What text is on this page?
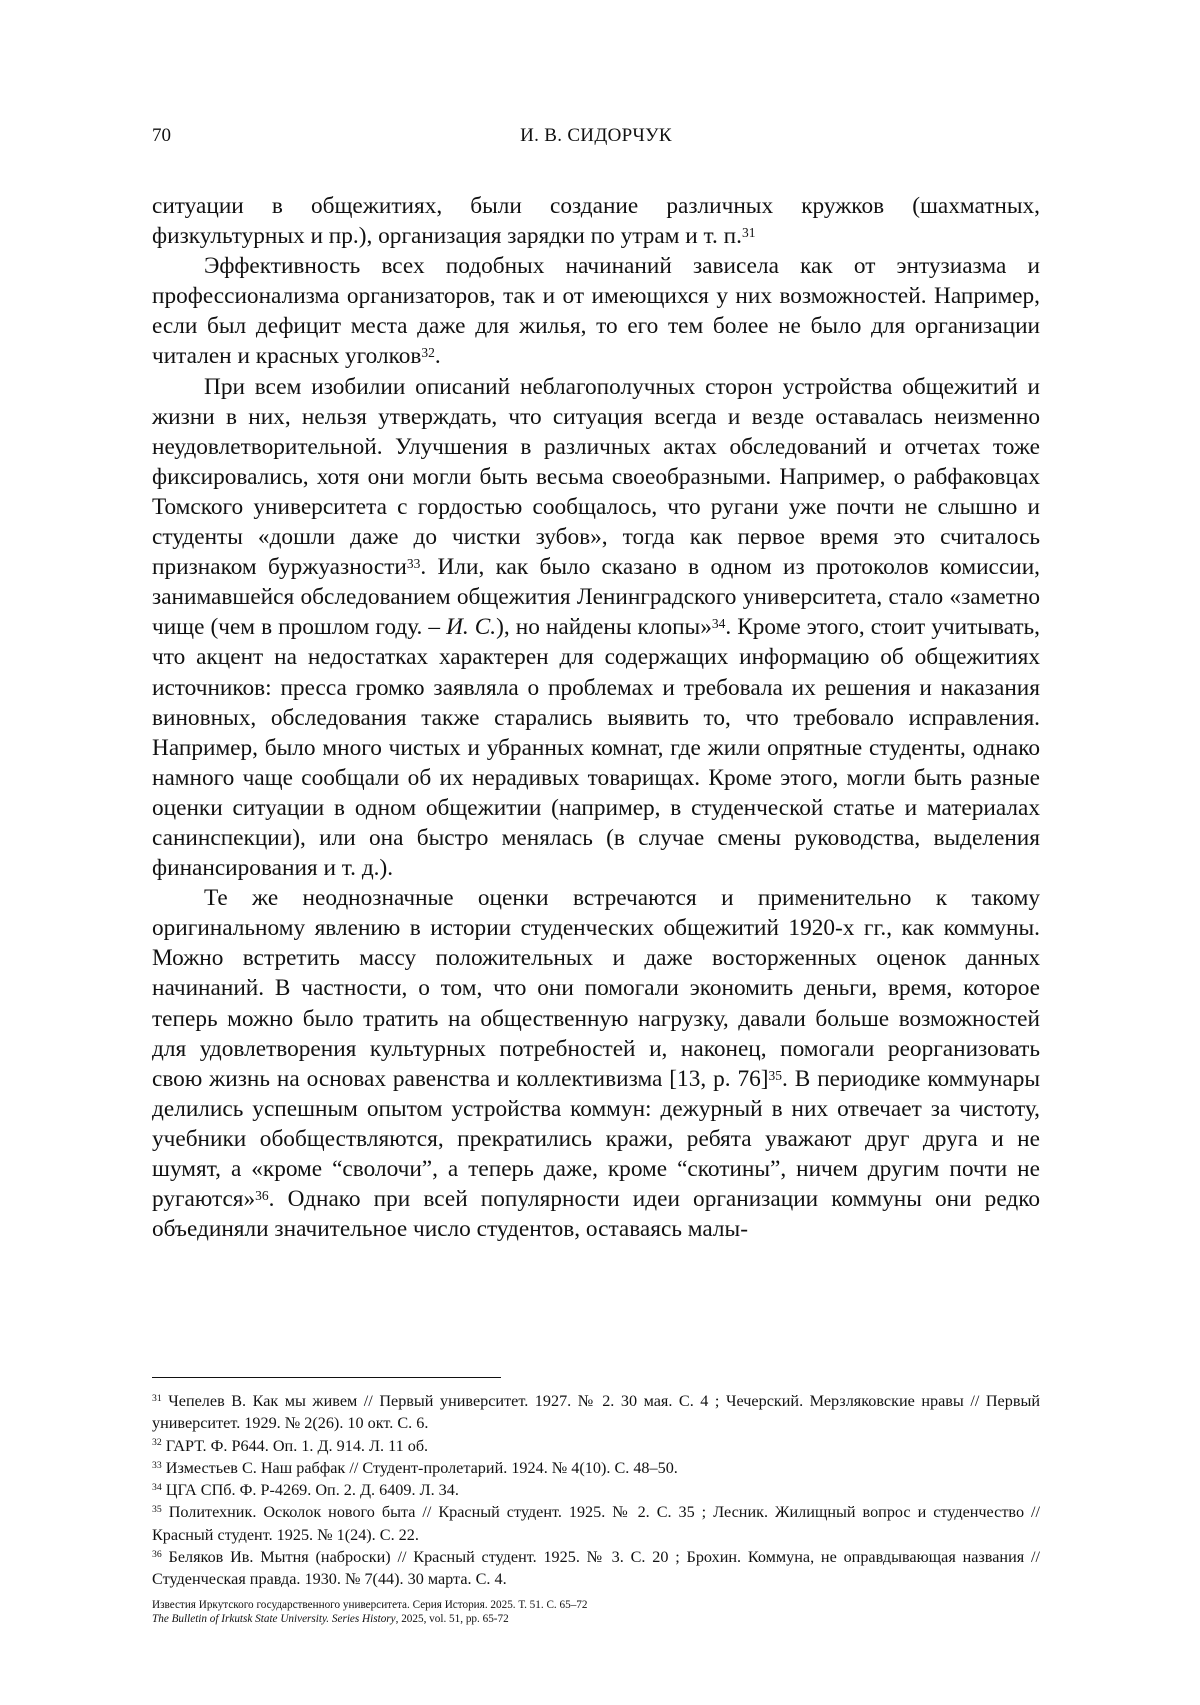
70	И. В. СИДОРЧУК

ситуации в общежитиях, были создание различных кружков (шахматных, физкультурных и пр.), организация зарядки по утрам и т. п.$^{31}$

Эффективность всех подобных начинаний зависела как от энтузиазма и профессионализма организаторов, так и от имеющихся у них возможностей. Например, если был дефицит места даже для жилья, то его тем более не было для организации читален и красных уголков$^{32}$.

При всем изобилии описаний неблагополучных сторон устройства общежитий и жизни в них, нельзя утверждать, что ситуация всегда и везде оставалась неизменно неудовлетворительной. Улучшения в различных актах обследований и отчетах тоже фиксировались, хотя они могли быть весьма своеобразными. Например, о рабфаковцах Томского университета с гордостью сообщалось, что ругани уже почти не слышно и студенты «дошли даже до чистки зубов», тогда как первое время это считалось признаком буржуазности$^{33}$. Или, как было сказано в одном из протоколов комиссии, занимавшейся обследованием общежития Ленинградского университета, стало «заметно чище (чем в прошлом году. – И. С.), но найдены клопы»$^{34}$. Кроме этого, стоит учитывать, что акцент на недостатках характерен для содержащих информацию об общежитиях источников: пресса громко заявляла о проблемах и требовала их решения и наказания виновных, обследования также старались выявить то, что требовало исправления. Например, было много чистых и убранных комнат, где жили опрятные студенты, однако намного чаще сообщали об их нерадивых товарищах. Кроме этого, могли быть разные оценки ситуации в одном общежитии (например, в студенческой статье и материалах санинспекции), или она быстро менялась (в случае смены руководства, выделения финансирования и т. д.).

Те же неоднозначные оценки встречаются и применительно к такому оригинальному явлению в истории студенческих общежитий 1920-х гг., как коммуны. Можно встретить массу положительных и даже восторженных оценок данных начинаний. В частности, о том, что они помогали экономить деньги, время, которое теперь можно было тратить на общественную нагрузку, давали больше возможностей для удовлетворения культурных потребностей и, наконец, помогали реорганизовать свою жизнь на основах равенства и коллективизма [13, p. 76]$^{35}$. В периодике коммунары делились успешным опытом устройства коммун: дежурный в них отвечает за чистоту, учебники обобществляются, прекратились кражи, ребята уважают друг друга и не шумят, а «кроме “сволочи”, а теперь даже, кроме “скотины”, ничем другим почти не ругаются»$^{36}$. Однако при всей популярности идеи организации коммуны они редко объединяли значительное число студентов, оставаясь малы-

$^{31}$ Чепелев В. Как мы живем // Первый университет. 1927. № 2. 30 мая. С. 4 ; Чечерский. Мерзляковские нравы // Первый университет. 1929. № 2(26). 10 окт. С. 6.

$^{32}$ ГАРТ. Ф. Р644. Оп. 1. Д. 914. Л. 11 об.

$^{33}$ Изместьев С. Наш рабфак // Студент-пролетарий. 1924. № 4(10). С. 48–50.

$^{34}$ ЦГА СПб. Ф. Р-4269. Оп. 2. Д. 6409. Л. 34.

$^{35}$ Политехник. Осколок нового быта // Красный студент. 1925. № 2. С. 35 ; Лесник. Жилищный вопрос и студенчество // Красный студент. 1925. № 1(24). С. 22.

$^{36}$ Беляков Ив. Мытня (наброски) // Красный студент. 1925. № 3. С. 20 ; Брохин. Коммуна, не оправдывающая названия // Студенческая правда. 1930. № 7(44). 30 марта. С. 4.

Известия Иркутского государственного университета. Серия История. 2025. Т. 51. С. 65–72
The Bulletin of Irkutsk State University. Series History, 2025, vol. 51, pp. 65-72
